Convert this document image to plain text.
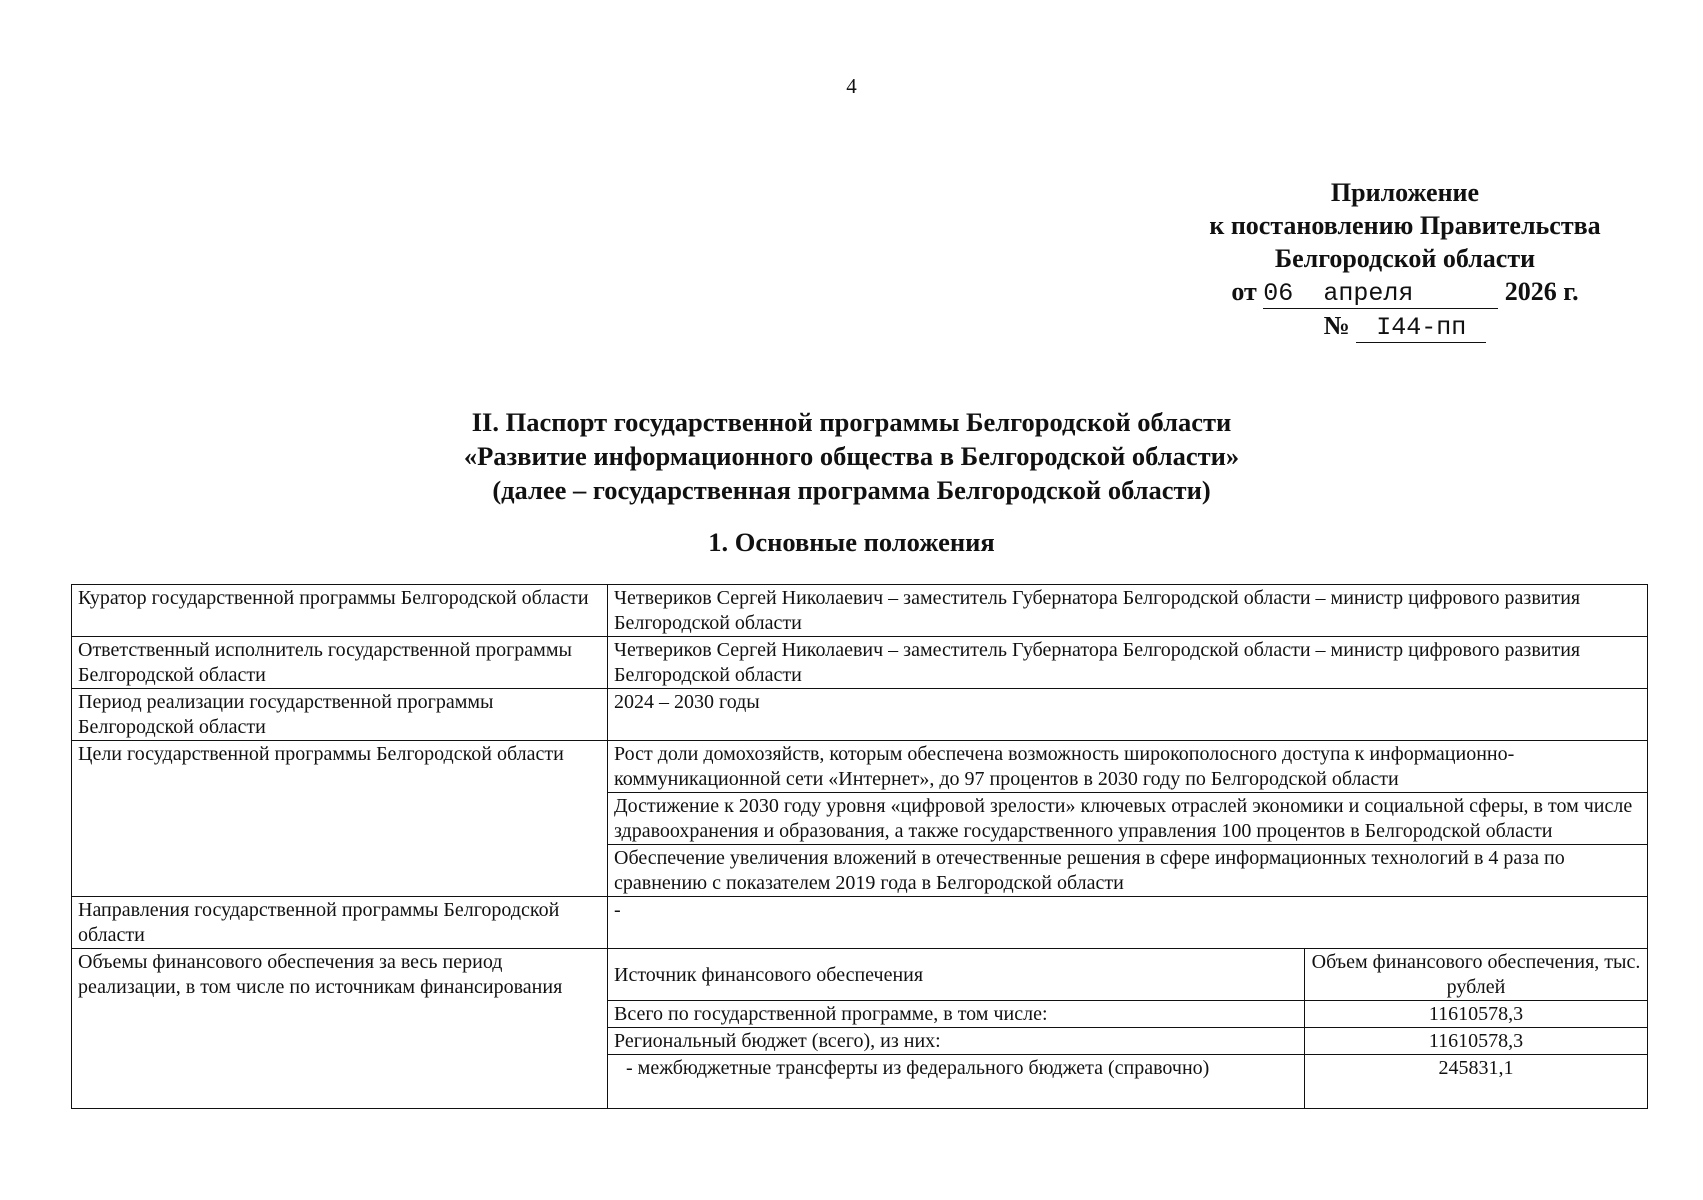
4
Приложение
к постановлению Правительства
Белгородской области
от 06 апреля	2026 г.
№ I44-пп
II. Паспорт государственной программы Белгородской области
«Развитие информационного общества в Белгородской области»
(далее – государственная программа Белгородской области)
1. Основные положения
Куратор государственной программы Белгородской области	Четвериков Сергей Николаевич – заместитель Губернатора Белгородской области – министр цифрового развития Белгородской области
Ответственный исполнитель государственной программы Белгородской области	Четвериков Сергей Николаевич – заместитель Губернатора Белгородской области – министр цифрового развития Белгородской области
Период реализации государственной программы Белгородской области	2024 – 2030 годы
Цели государственной программы Белгородской области	Рост доли домохозяйств, которым обеспечена возможность широкополосного доступа к информационно-коммуникационной сети «Интернет», до 97 процентов в 2030 году по Белгородской области
Достижение к 2030 году уровня «цифровой зрелости» ключевых отраслей экономики и социальной сферы, в том числе здравоохранения и образования, а также государственного управления 100 процентов в Белгородской области
Обеспечение увеличения вложений в отечественные решения в сфере информационных технологий в 4 раза по сравнению с показателем 2019 года в Белгородской области
Направления государственной программы Белгородской области	-
Объемы финансового обеспечения за весь период реализации, в том числе по источникам финансирования	
Источник финансового обеспечения	Объем финансового обеспечения, тыс. рублей
Всего по государственной программе, в том числе:	11610578,3
Региональный бюджет (всего), из них:	11610578,3
- межбюджетные трансферты из федерального бюджета (справочно)	245831,1
